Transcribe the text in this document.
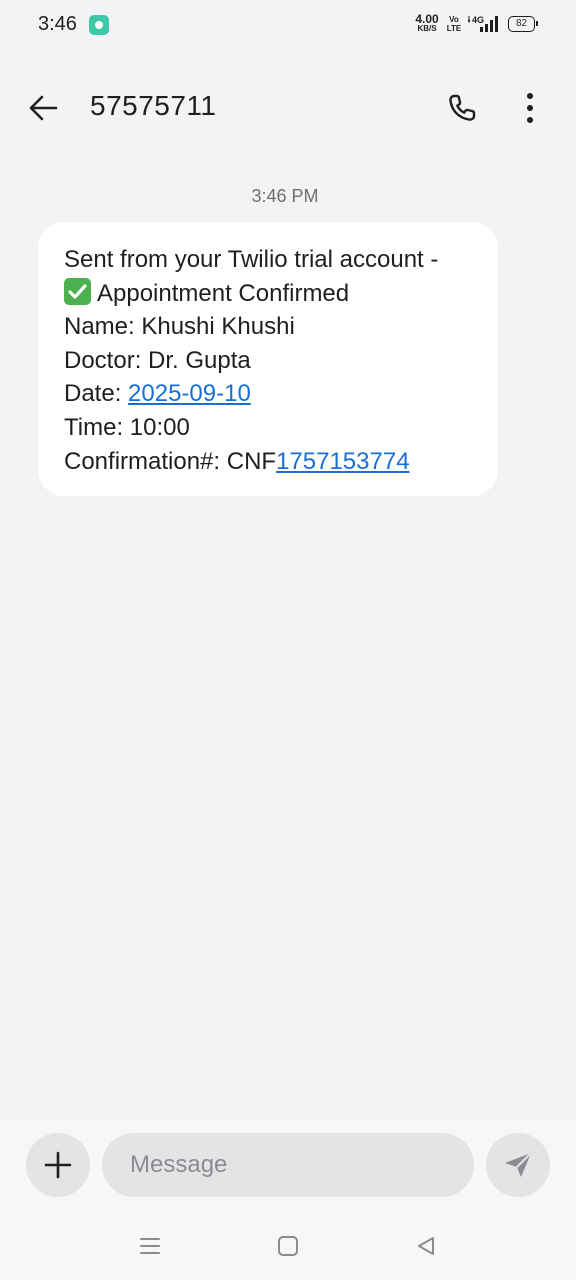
3:46	4.00
KB/S
Vo
LTE
4G	82
57575711
3:46 PM
Sent from your Twilio trial account -
Appointment Confirmed
Name: Khushi Khushi
Doctor: Dr. Gupta
Date: 2025-09-10
Time: 10:00
Confirmation#: CNF1757153774
Message
